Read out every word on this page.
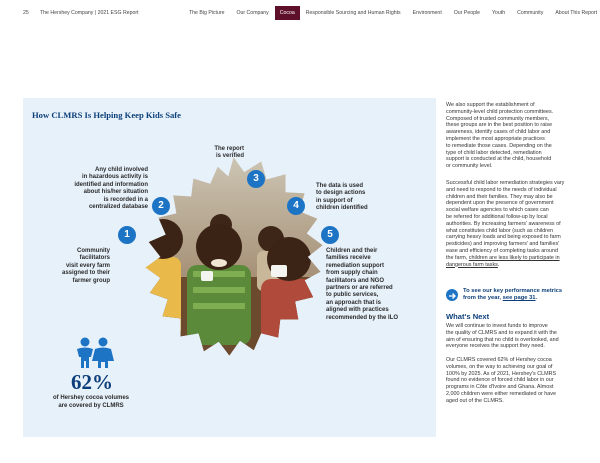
25 The Hershey Company | 2021 ESG Report	The Big Picture	Our Company	Cocoa	Responsible Sourcing and Human Rights	Environment	Our People	Youth	Community	About This Report
How CLMRS Is Helping Keep Kids Safe
Community
facilitators
visit every farm
assigned to their
farmer group
1
Any child involved
in hazardous activity is
identified and information
about his/her situation
is recorded in a
centralized database	2
The report
is verified
3
4
The data is used
to design actions
in support of
children identified
5
Children and their
families receive
remediation support
from supply chain
facilitators and NGO
partners or are referred
to public services,
an approach that is
aligned with practices
recommended by the ILO
62%
of Hershey cocoa volumes
are covered by CLMRS
We also support the establishment of
community-level child protection committees.
Composed of trusted community members,
these groups are in the best position to raise
awareness, identify cases of child labor and
implement the most appropriate practices
to remediate those cases. Depending on the
type of child labor detected, remediation
support is conducted at the child, household
or community level.
Successful child labor remediation strategies vary
and need to respond to the needs of individual
children and their families. They may also be
dependent upon the presence of government
social welfare agencies to which cases can
be referred for additional follow-up by local
authorities. By increasing farmers' awareness of
what constitutes child labor (such as children
carrying heavy loads and being exposed to farm
pesticides) and improving farmers' and families'
ease and efficiency of completing tasks around
the farm, children are less likely to participate in
dangerous farm tasks.
To see our key performance metrics
from the year, see page 31.
What's Next
We will continue to invest funds to improve
the quality of CLMRS and to expand it with the
aim of ensuring that no child is overlooked, and
everyone receives the support they need.
Our CLMRS covered 62% of Hershey cocoa
volumes, on the way to achieving our goal of
100% by 2025. As of 2021, Hershey's CLMRS
found no evidence of forced child labor in our
programs in Côte d'Ivoire and Ghana. Almost
2,000 children were either remediated or have
aged out of the CLMRS.
